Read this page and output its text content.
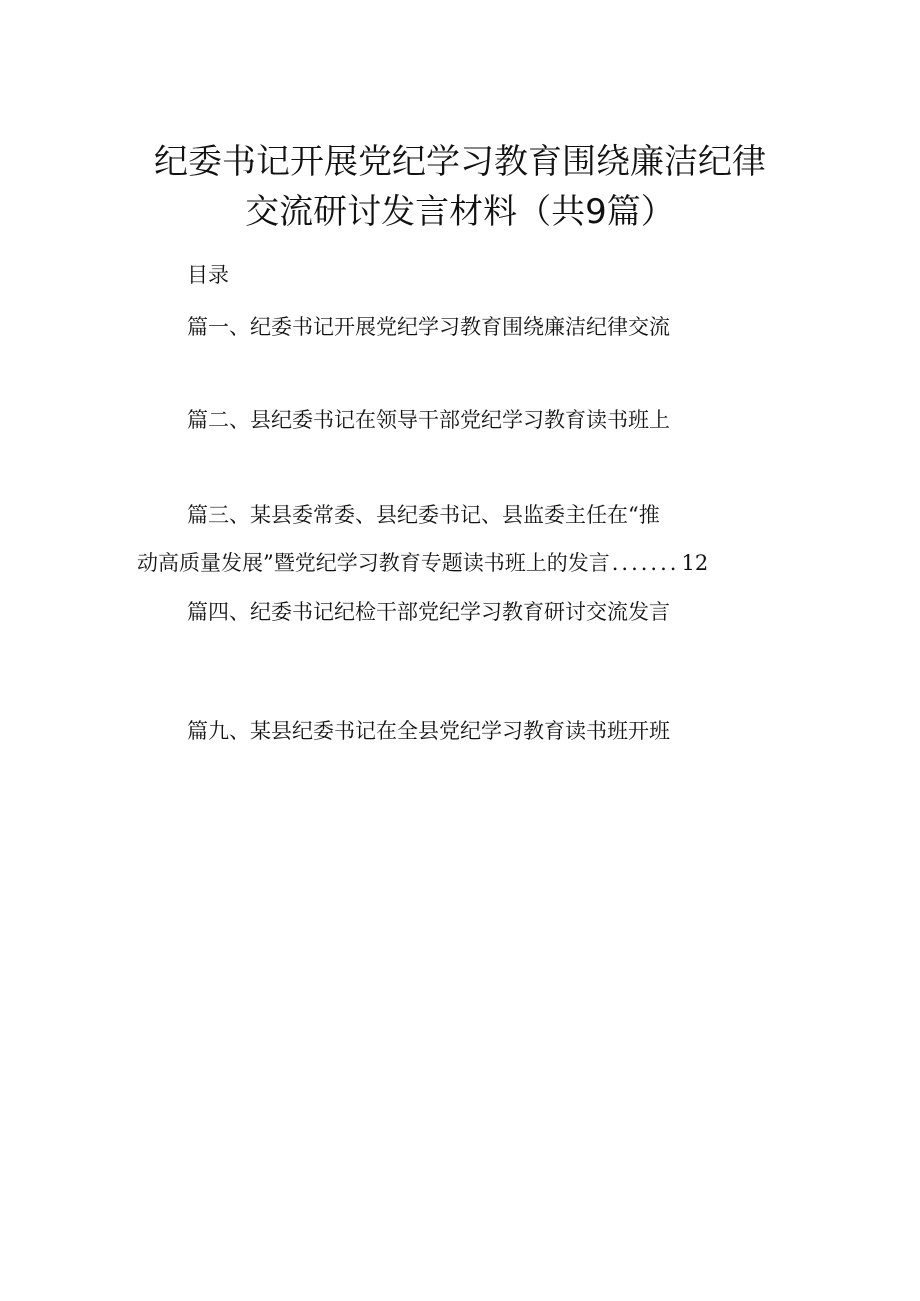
纪委书记开展党纪学习教育围绕廉洁纪律
交流研讨发言材料（共9篇）
目录
篇一、纪委书记开展党纪学习教育围绕廉洁纪律交流
篇二、县纪委书记在领导干部党纪学习教育读书班上
篇三、某县委常委、县纪委书记、县监委主任在“推
动高质量发展”暨党纪学习教育专题读书班上的发言.......12
篇四、纪委书记纪检干部党纪学习教育研讨交流发言
篇九、某县纪委书记在全县党纪学习教育读书班开班
